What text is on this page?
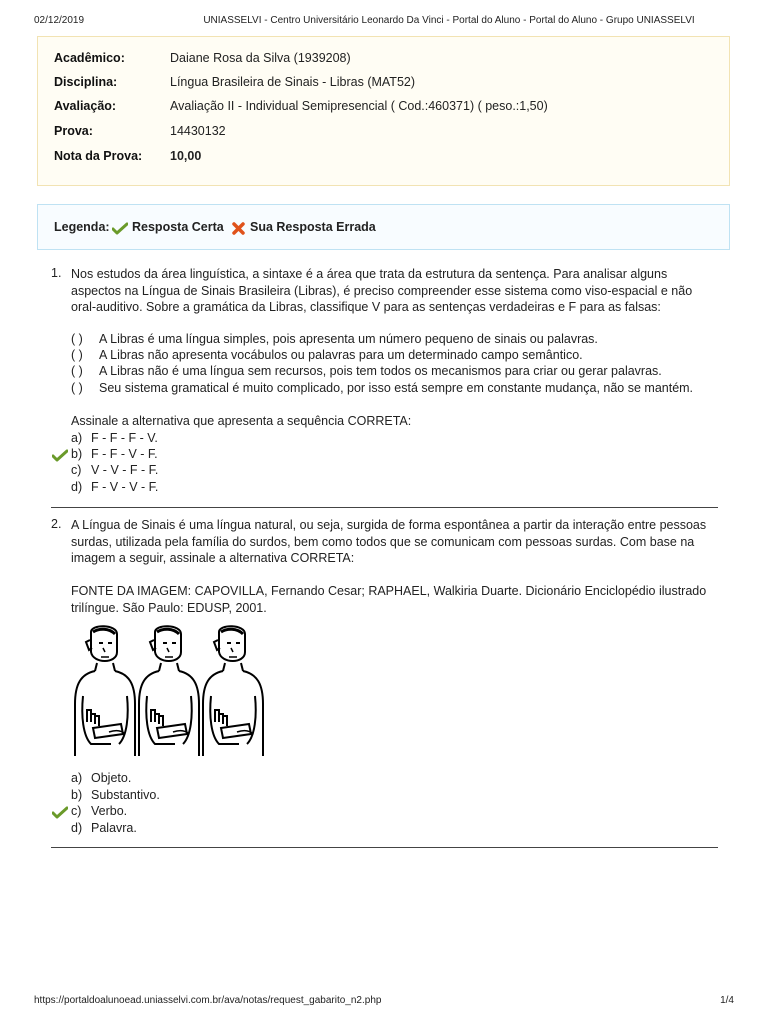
02/12/2019	UNIASSELVI - Centro Universitário Leonardo Da Vinci - Portal do Aluno - Portal do Aluno - Grupo UNIASSELVI
Acadêmico:	Daiane Rosa da Silva (1939208)
Disciplina:	Língua Brasileira de Sinais - Libras (MAT52)
Avaliação:	Avaliação II - Individual Semipresencial ( Cod.:460371) ( peso.:1,50)
Prova:	14430132
Nota da Prova: 10,00
Legenda: Resposta Certa Sua Resposta Errada
1. Nos estudos da área linguística, a sintaxe é a área que trata da estrutura da sentença. Para analisar alguns
aspectos na Língua de Sinais Brasileira (Libras), é preciso compreender esse sistema como viso-espacial e não
oral-auditivo. Sobre a gramática da Libras, classifique V para as sentenças verdadeiras e F para as falsas:
( ) A Libras é uma língua simples, pois apresenta um número pequeno de sinais ou palavras.
( ) A Libras não apresenta vocábulos ou palavras para um determinado campo semântico.
( ) A Libras não é uma língua sem recursos, pois tem todos os mecanismos para criar ou gerar palavras.
( ) Seu sistema gramatical é muito complicado, por isso está sempre em constante mudança, não se mantém.
Assinale a alternativa que apresenta a sequência CORRETA:
a) F - F - F - V.
b) F - F - V - F.
c) V - V - F - F.
d) F - V - V - F.
2. A Língua de Sinais é uma língua natural, ou seja, surgida de forma espontânea a partir da interação entre pessoas
surdas, utilizada pela família do surdos, bem como todos que se comunicam com pessoas surdas. Com base na
imagem a seguir, assinale a alternativa CORRETA:
FONTE DA IMAGEM: CAPOVILLA, Fernando Cesar; RAPHAEL, Walkiria Duarte. Dicionário Enciclopédio ilustrado
trilíngue. São Paulo: EDUSP, 2001.
a) Objeto.
b) Substantivo.
c) Verbo.
d) Palavra.
https://portaldoalunoead.uniasselvi.com.br/ava/notas/request_gabarito_n2.php	1/4
